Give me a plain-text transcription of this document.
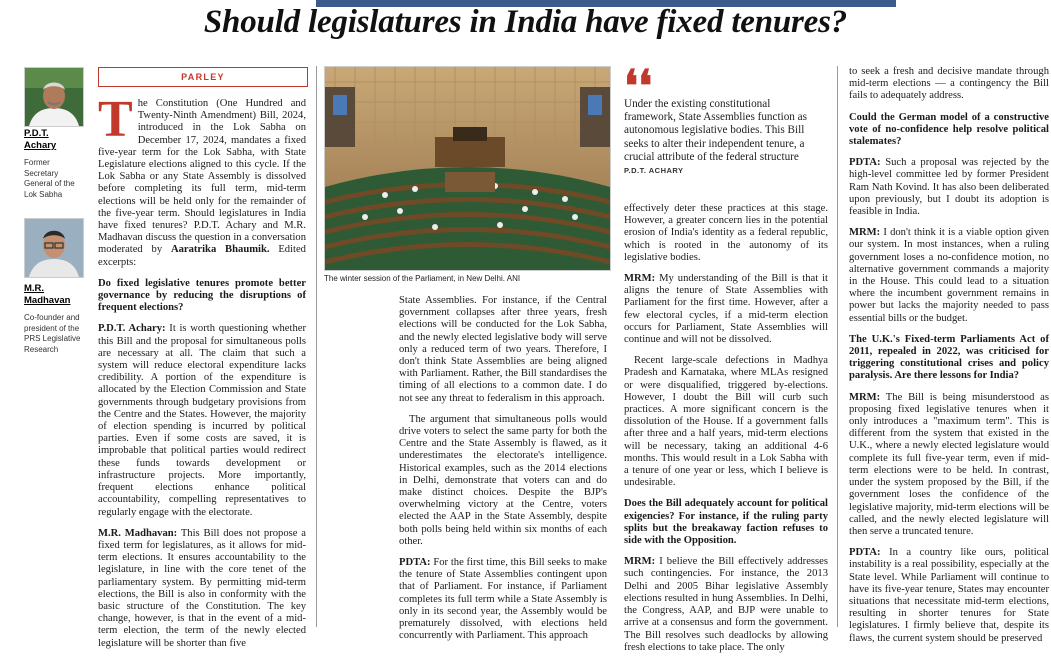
Should legislatures in India have fixed tenures?
P.D.T.
Achary
Former Secretary General of the Lok Sabha
M.R.
Madhavan
Co-founder and president of the PRS Legislative Research
PARLEY

The Constitution (One Hundred and Twenty-Ninth Amendment) Bill, 2024, introduced in the Lok Sabha on December 17, 2024, mandates a fixed five-year term for the Lok Sabha, with State Legislature elections aligned to this cycle. If the Lok Sabha or any State Assembly is dissolved before completing its full term, mid-term elections will be held only for the remainder of the five-year term. Should legislatures in India have fixed tenures? P.D.T. Achary and M.R. Madhavan discuss the question in a conversation moderated by Aaratrika Bhaumik. Edited excerpts:

Do fixed legislative tenures promote better governance by reducing the disruptions of frequent elections?

P.D.T. Achary: It is worth questioning whether this Bill and the proposal for simultaneous polls are necessary at all. The claim that such a system will reduce electoral expenditure lacks credibility. A portion of the expenditure is allocated by the Election Commission and State governments through budgetary provisions from the Centre and the States. However, the majority of election spending is incurred by political parties. Even if some costs are saved, it is improbable that political parties would redirect these funds towards development or infrastructure projects. More importantly, frequent elections enhance political accountability, compelling representatives to regularly engage with the electorate.

M.R. Madhavan: This Bill does not propose a fixed term for legislatures, as it allows for mid-term elections. It ensures accountability to the legislature, in line with the core tenet of the parliamentary system. By permitting mid-term elections, the Bill is also in conformity with the basic structure of the Constitution. The key change, however, is that in the event of a mid-term election, the term of the newly elected legislature will be shorter than five

The winter session of the Parliament, in New Delhi. ANI

State Assemblies. For instance, if the Central government collapses after three years, fresh elections will be conducted for the Lok Sabha, and the newly elected legislative body will serve only a reduced term of two years. Therefore, I don't think State Assemblies are being aligned with Parliament. Rather, the Bill standardises the timing of all elections to a common date. I do not see any threat to federalism in this approach.

The argument that simultaneous polls would drive voters to select the same party for both the Centre and the State Assembly is flawed, as it underestimates the electorate's intelligence. Historical examples, such as the 2014 elections in Delhi, demonstrate that voters can and do make distinct choices. Despite the BJP's overwhelming victory at the Centre, voters elected the AAP in the State Assembly, despite both polls being held within six months of each other.

PDTA: For the first time, this Bill seeks to make the tenure of State Assemblies contingent upon that of Parliament. For instance, if Parliament completes its full term while a State Assembly is only in its second year, the Assembly would be prematurely dissolved, with elections held concurrently with Parliament. This approach

❛❛
Under the existing constitutional framework, State Assemblies function as autonomous legislative bodies. This Bill seeks to alter their independent tenure, a crucial attribute of the federal structure
P.D.T. ACHARY

effectively deter these practices at this stage. However, a greater concern lies in the potential erosion of India's identity as a federal republic, which is rooted in the autonomy of its legislative bodies.

MRM: My understanding of the Bill is that it aligns the tenure of State Assemblies with Parliament for the first time. However, after a few electoral cycles, if a mid-term election occurs for Parliament, State Assemblies will continue and will not be dissolved.

Recent large-scale defections in Madhya Pradesh and Karnataka, where MLAs resigned or were disqualified, triggered by-elections. However, I doubt the Bill will curb such practices. A more significant concern is the dissolution of the House. If a government falls after three and a half years, mid-term elections will be necessary, taking an additional 4-6 months. This would result in a Lok Sabha with a tenure of one year or less, which I believe is undesirable.

Does the Bill adequately account for political exigencies? For instance, if the ruling party splits but the breakaway faction refuses to side with the Opposition.

MRM: I believe the Bill effectively addresses such contingencies. For instance, the 2013 Delhi and 2005 Bihar legislative Assembly elections resulted in hung Assemblies. In Delhi, the Congress, AAP, and BJP were unable to arrive at a consensus and form the government. The Bill resolves such deadlocks by allowing fresh elections to take place. The only

to seek a fresh and decisive mandate through mid-term elections — a contingency the Bill fails to adequately address.

Could the German model of a constructive vote of no-confidence help resolve political stalemates?

PDTA: Such a proposal was rejected by the high-level committee led by former President Ram Nath Kovind. It has also been deliberated upon previously, but I doubt its adoption is feasible in India.

MRM: I don't think it is a viable option given our system. In most instances, when a ruling government loses a no-confidence motion, no alternative government commands a majority in the House. This could lead to a situation where the incumbent government remains in power but lacks the majority needed to pass essential bills or the budget.

The U.K.'s Fixed-term Parliaments Act of 2011, repealed in 2022, was criticised for triggering constitutional crises and policy paralysis. Are there lessons for India?

MRM: The Bill is being misunderstood as proposing fixed legislative tenures when it only introduces a "maximum term". This is different from the system that existed in the U.K., where a newly elected legislature would complete its full five-year term, even if mid-term elections were to be held. In contrast, under the system proposed by the Bill, if the government loses the confidence of the legislative majority, mid-term elections will be called, and the newly elected legislature will then serve a truncated tenure.

PDTA: In a country like ours, political instability is a real possibility, especially at the State level. While Parliament will continue to have its five-year tenure, States may encounter situations that necessitate mid-term elections, resulting in shorter tenures for State legislatures. I firmly believe that, despite its flaws, the current system should be preserved
